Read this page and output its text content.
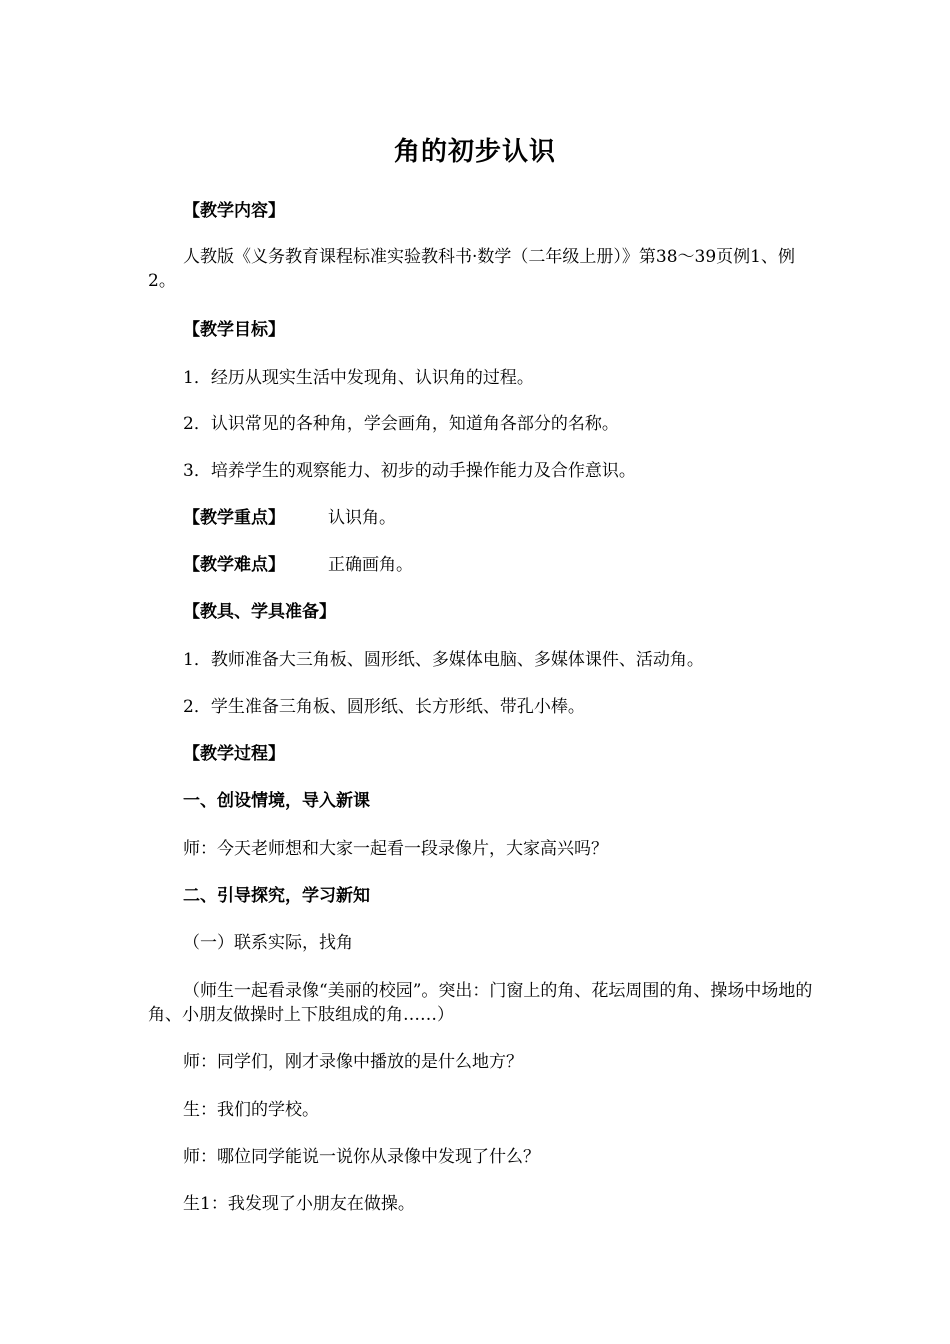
角的初步认识
【教学内容】
人教版《义务教育课程标准实验教科书·数学（二年级上册）》第38～39页例1、例2。
【教学目标】
1．经历从现实生活中发现角、认识角的过程。
2．认识常见的各种角，学会画角，知道角各部分的名称。
3．培养学生的观察能力、初步的动手操作能力及合作意识。
【教学重点】	认识角。
【教学难点】	正确画角。
【教具、学具准备】
1．教师准备大三角板、圆形纸、多媒体电脑、多媒体课件、活动角。
2．学生准备三角板、圆形纸、长方形纸、带孔小棒。
【教学过程】
一、创设情境，导入新课
师：今天老师想和大家一起看一段录像片，大家高兴吗？
二、引导探究，学习新知
（一）联系实际，找角
（师生一起看录像“美丽的校园”。突出：门窗上的角、花坛周围的角、操场中场地的角、小朋友做操时上下肢组成的角……）
师：同学们，刚才录像中播放的是什么地方？
生：我们的学校。
师：哪位同学能说一说你从录像中发现了什么？
生1：我发现了小朋友在做操。
